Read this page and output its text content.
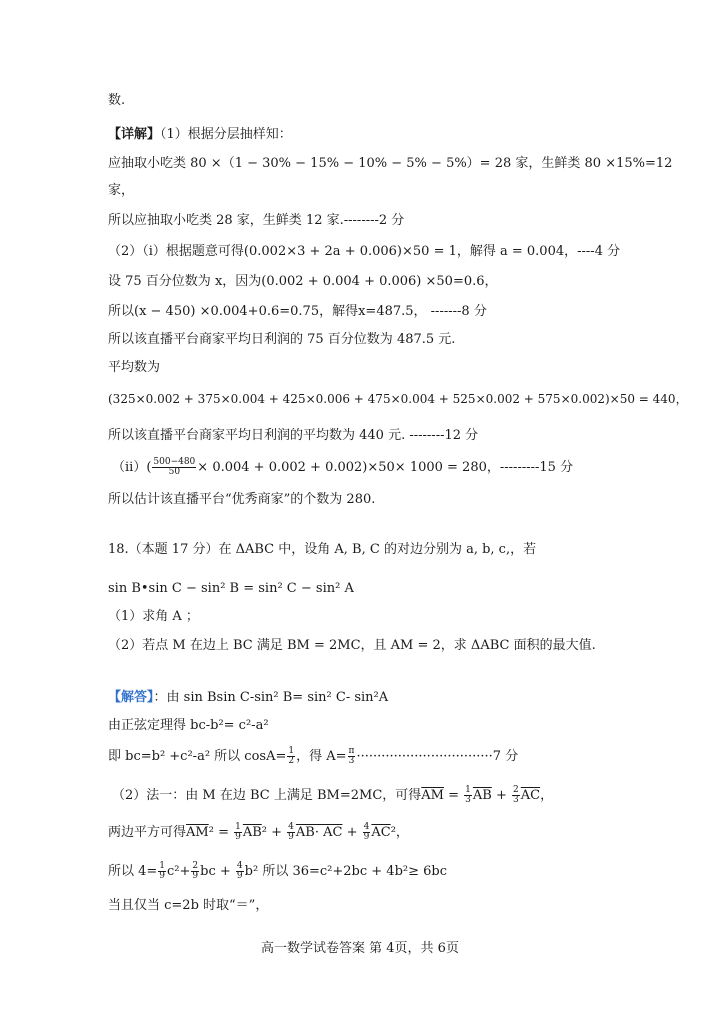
数.
【详解】（1）根据分层抽样知：
应抽取小吃类 80 ×（1 − 30% − 15% − 10% − 5% − 5%）= 28 家，生鲜类 80 ×15%=12
家，
所以应抽取小吃类 28 家，生鲜类 12 家.--------2 分
（2）（i）根据题意可得(0.002×3 + 2a + 0.006)×50 = 1，解得 a = 0.004，----4 分
设 75 百分位数为 x，因为(0.002 + 0.004 + 0.006) ×50=0.6，
所以(x − 450) ×0.004+0.6=0.75，解得x=487.5， -------8 分
所以该直播平台商家平均日利润的 75 百分位数为 487.5 元.
平均数为
(325×0.002 + 375×0.004 + 425×0.006 + 475×0.004 + 525×0.002 + 575×0.002)×50 = 440，
所以该直播平台商家平均日利润的平均数为 440 元. --------12 分
$(ii)( \frac{500-480}{50} \times 0.004 + 0.002 + 0.002)\times 50\times 1000 = 280$，---------15 分
所以估计该直播平台“优秀商家”的个数为 280.
18.（本题 17 分）在 ΔABC 中，设角 A, B, C 的对边分别为 a, b, c,，若
sin B•sin C − sin² B = sin² C − sin² A
（1）求角 A ；
（2）若点 M 在边上 BC 满足 BM = 2MC，且 AM = 2，求 ΔABC 面积的最大值.
【解答】：由 sin Bsin C-sin² B= sin² C- sin²A
由正弦定理得 bc-b²= c²-a²
即 bc=b² +c²-a² 所以 $\cos A= \frac{1}{2}$ ，得 $A= \frac{\pi}{3} \cdot\cdot\cdot\cdot\cdot\cdot\cdot\cdot\cdot\cdot\cdot\cdot\cdot\cdot\cdot\cdot\cdot\cdot\cdot\cdot\cdot\cdot\cdot\cdot\cdot\cdot\cdot\cdot\cdot\cdot\cdot\cdot\cdot 7$ 分
（2）法一：由 M 在边 BC 上满足 BM=2MC，可得$\overline{AM} = \frac{1}{3} \overline{AB} + \frac{2}{3} \overline{AC}$，
两边平方可得$\overline{AM}^2 = \frac{1}{9} \overline{AB}^2 + \frac{4}{9} AB\cdot$ AC + $\frac{4}{9} \overline{AC}^2$，
所以 $4= \frac{1}{9} c^2+ \frac{2}{9}$ bc + $\frac{4}{9} b^2$ 所以 36=c²+2bc + 4b²≥ 6bc
当且仅当 c=2b 时取“＝”，
高一数学试卷答案 第 4页，共 6页
